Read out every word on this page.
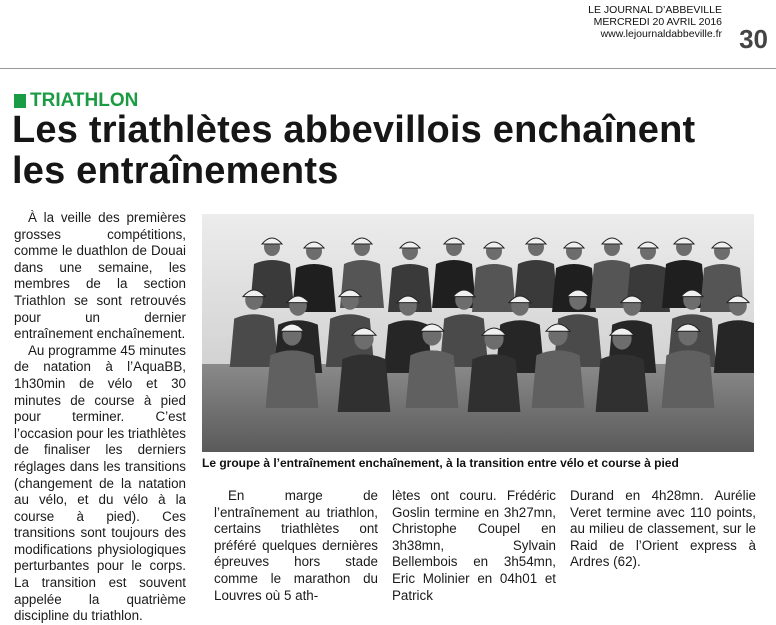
LE JOURNAL D’ABBEVILLE
MERCREDI 20 AVRIL 2016
www.lejournaldabbeville.fr 30
TRIATHLON
Les triathlètes abbevillois enchaînent
les entraînements

À la veille des premières grosses compétitions, comme le duathlon de Douai dans une semaine, les membres de la section Triathlon se sont retrouvés pour un dernier entraînement enchaînement.

Au programme 45 minutes de natation à l’AquaBB, 1h30min de vélo et 30 minutes de course à pied pour terminer. C’est l’occasion pour les triathlètes de finaliser les derniers réglages dans les transitions (changement de la natation au vélo, et du vélo à la course à pied). Ces transitions sont toujours des modifications physiologiques perturbantes pour le corps. La transition est souvent appelée la quatrième discipline du triathlon.

Le groupe à l’entraînement enchaînement, à la transition entre vélo et course à pied

En marge de l’entraînement au triathlon, certains triathlètes ont préféré quelques dernières épreuves hors stade comme le marathon du Louvres où 5 ath-

lètes ont couru. Frédéric Goslin termine en 3h27mn, Christophe Coupel en 3h38mn, Sylvain Bellembois en 3h54mn, Eric Molinier en 04h01 et Patrick

Durand en 4h28mn. Aurélie Veret termine avec 110 points, au milieu de classement, sur le Raid de l’Orient express à Ardres (62).
